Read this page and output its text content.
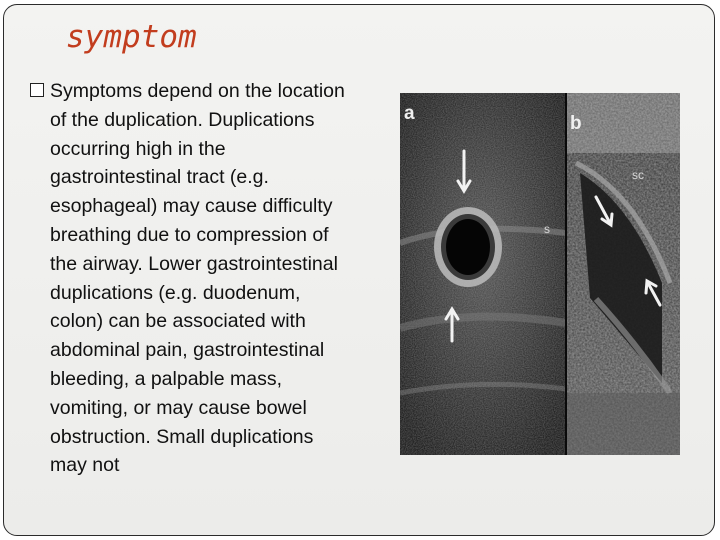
symptom

Symptoms depend on the location of the duplication. Duplications occurring high in the gastrointestinal tract (e.g. esophageal) may cause difficulty breathing due to compression of the airway. Lower gastrointestinal duplications (e.g. duodenum, colon) can be associated with abdominal pain, gastrointestinal bleeding, a palpable mass, vomiting, or may cause bowel obstruction. Small duplications may not

a
s
b
sc
